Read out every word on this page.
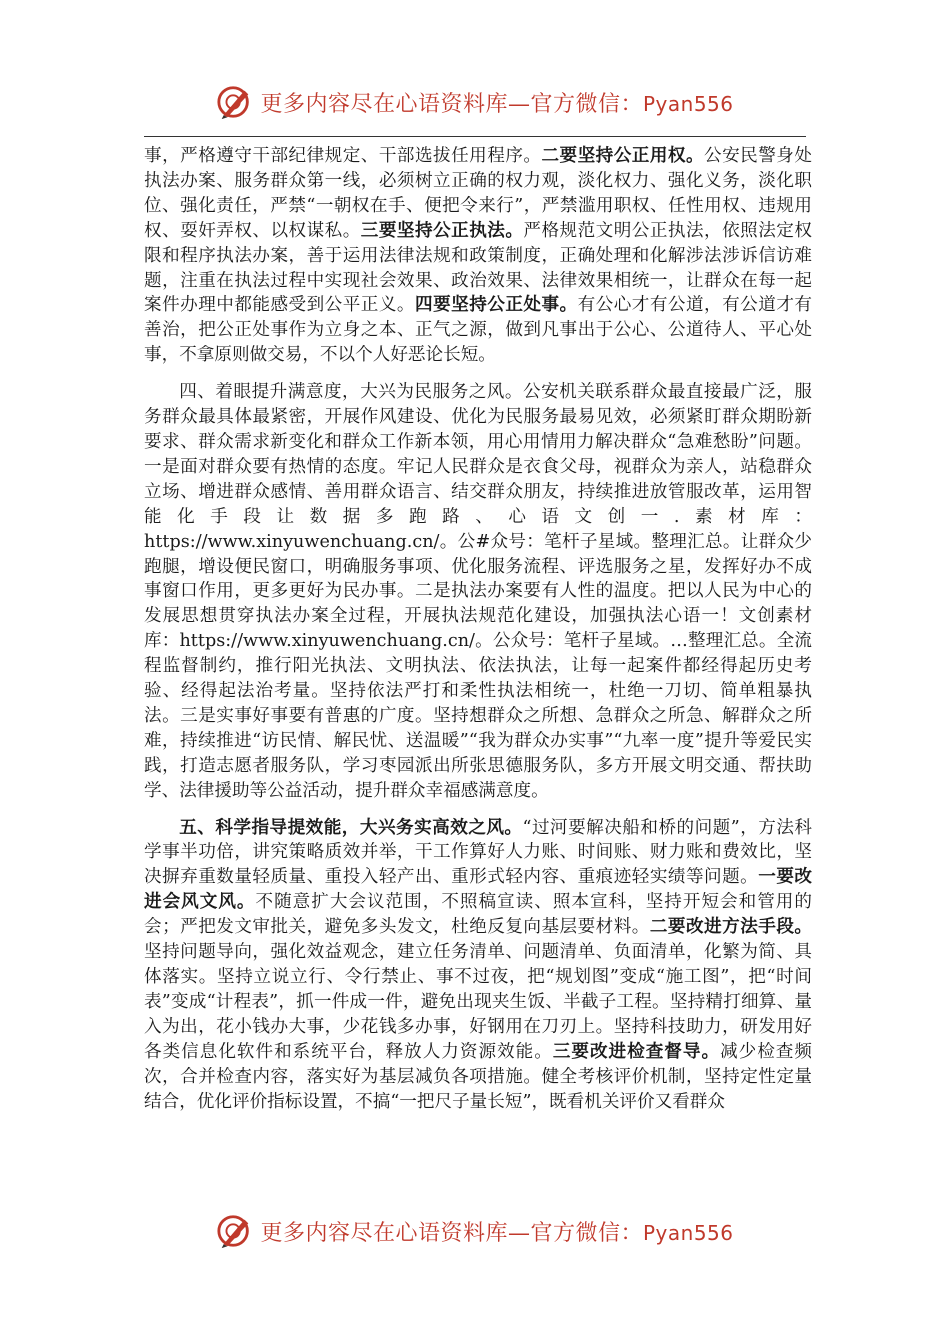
更多内容尽在心语资料库—官方微信：Pyan556

事，严格遵守干部纪律规定、干部选拔任用程序。二要坚持公正用权。公安民警身处执法办案、服务群众第一线，必须树立正确的权力观，淡化权力、强化义务，淡化职位、强化责任，严禁“一朝权在手、便把令来行”，严禁滥用职权、任性用权、违规用权、耍奸弄权、以权谋私。三要坚持公正执法。严格规范文明公正执法，依照法定权限和程序执法办案，善于运用法律法规和政策制度，正确处理和化解涉法涉诉信访难题，注重在执法过程中实现社会效果、政治效果、法律效果相统一，让群众在每一起案件办理中都能感受到公平正义。四要坚持公正处事。有公心才有公道，有公道才有善治，把公正处事作为立身之本、正气之源，做到凡事出于公心、公道待人、平心处事，不拿原则做交易，不以个人好恶论长短。

四、着眼提升满意度，大兴为民服务之风。公安机关联系群众最直接最广泛，服务群众最具体最紧密，开展作风建设、优化为民服务最易见效，必须紧盯群众期盼新要求、群众需求新变化和群众工作新本领，用心用情用力解决群众“急难愁盼”问题。一是面对群众要有热情的态度。牢记人民群众是衣食父母，视群众为亲人，站稳群众立场、增进群众感情、善用群众语言、结交群众朋友，持续推进放管服改革，运用智能化手段让数据多跑路、心语文创一.素材库：https://www.xinyuwenchuang.cn/。公#众号：笔杆子星域。整理汇总。让群众少跑腿，增设便民窗口，明确服务事项、优化服务流程、评选服务之星，发挥好办不成事窗口作用，更多更好为民办事。二是执法办案要有人性的温度。把以人民为中心的发展思想贯穿执法办案全过程，开展执法规范化建设，加强执法心语一！文创素材库：https://www.xinyuwenchuang.cn/。公众号：笔杆子星域。…整理汇总。全流程监督制约，推行阳光执法、文明执法、依法执法，让每一起案件都经得起历史考验、经得起法治考量。坚持依法严打和柔性执法相统一，杜绝一刀切、简单粗暴执法。三是实事好事要有普惠的广度。坚持想群众之所想、急群众之所急、解群众之所难，持续推进“访民情、解民忧、送温暖”“我为群众办实事”“九率一度”提升等爱民实践，打造志愿者服务队，学习枣园派出所张思德服务队，多方开展文明交通、帮扶助学、法律援助等公益活动，提升群众幸福感满意度。

五、科学指导提效能，大兴务实高效之风。“过河要解决船和桥的问题”，方法科学事半功倍，讲究策略质效并举，干工作算好人力账、时间账、财力账和费效比，坚决摒弃重数量轻质量、重投入轻产出、重形式轻内容、重痕迹轻实绩等问题。一要改进会风文风。不随意扩大会议范围，不照稿宣读、照本宣科，坚持开短会和管用的会；严把发文审批关，避免多头发文，杜绝反复向基层要材料。二要改进方法手段。坚持问题导向，强化效益观念，建立任务清单、问题清单、负面清单，化繁为简、具体落实。坚持立说立行、令行禁止、事不过夜，把“规划图”变成“施工图”，把“时间表”变成“计程表”，抓一件成一件，避免出现夹生饭、半截子工程。坚持精打细算、量入为出，花小钱办大事，少花钱多办事，好钢用在刀刃上。坚持科技助力，研发用好各类信息化软件和系统平台，释放人力资源效能。三要改进检查督导。减少检查频次，合并检查内容，落实好为基层减负各项措施。健全考核评价机制，坚持定性定量结合，优化评价指标设置，不搞“一把尺子量长短”，既看机关评价又看群众

更多内容尽在心语资料库—官方微信：Pyan556
